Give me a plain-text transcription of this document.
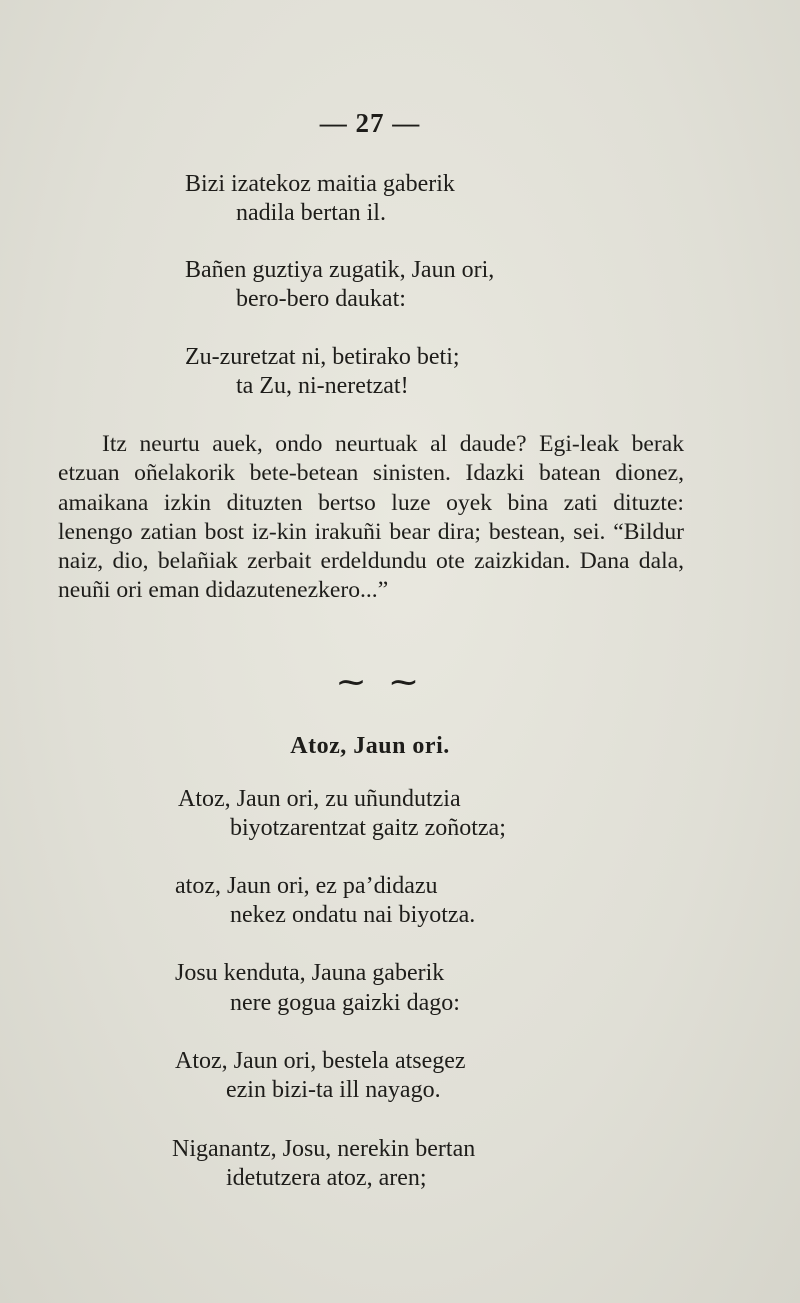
— 27 —
Bizi izatekoz maitia gaberik
nadila bertan il.
Bañen guztiya zugatik, Jaun ori,
bero-bero daukat:
Zu-zuretzat ni, betirako beti;
ta Zu, ni-neretzat!
Itz neurtu auek, ondo neurtuak al daude? Egi-leak berak etzuan oñelakorik bete-betean sinisten. Idazki batean dionez, amaikana izkin dituzten bertso luze oyek bina zati dituzte: lenengo zatian bost iz-kin irakuñi bear dira; bestean, sei. “Bildur naiz, dio, belañiak zerbait erdeldundu ote zaizkidan. Dana dala, neuñi ori eman didazutenezkero...”
⁓ ⁓
Atoz, Jaun ori.
Atoz, Jaun ori, zu uñundutzia
biyotzarentzat gaitz zoñotza;
atoz, Jaun ori, ez pa’didazu
nekez ondatu nai biyotza.
Josu kenduta, Jauna gaberik
nere gogua gaizki dago:
Atoz, Jaun ori, bestela atsegez
ezin bizi-ta ill nayago.
Niganantz, Josu, nerekin bertan
idetutzera atoz, aren;
